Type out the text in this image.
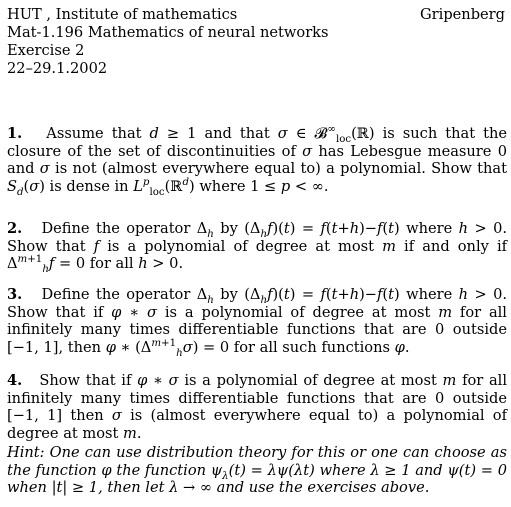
HUT , Institute of mathematics	Gripenberg
Mat-1.196 Mathematics of neural networks
Exercise 2
22–29.1.2002
1.   Assume that d ≥ 1 and that σ ∈ 𝓑∞$_{loc}$(ℝ) is such that the closure of the set of discontinuities of σ has Lebesgue measure 0 and σ is not (almost everywhere equal to) a polynomial. Show that $S_d(\sigma)$ is dense in $L^p_{loc}(ℝ^d)$ where 1 ≤ p < ∞.
2.   Define the operator $\Delta_h$ by $(\Delta_hf)(t) = f(t+h)-f(t)$ where h > 0. Show that f is a polynomial of degree at most m if and only if $\Delta^{m+1}_hf = 0$ for all h > 0.
3.   Define the operator $\Delta_h$ by $(\Delta_hf)(t) = f(t+h)-f(t)$ where h > 0. Show that if φ ∗ σ is a polynomial of degree at most m for all infinitely many times differentiable functions that are 0 outside [−1, 1], then φ ∗ $(\Delta^{m+1}_h\sigma) = 0$ for all such functions φ.
4.   Show that if φ ∗ σ is a polynomial of degree at most m for all infinitely many times differentiable functions that are 0 outside [−1, 1] then σ is (almost everywhere equal to) a polynomial of degree at most m.
Hint: One can use distribution theory for this or one can choose as the function φ the function $\psi_\lambda(t) = \lambda\psi(\lambda t)$ where λ ≥ 1 and ψ(t) = 0 when |t| ≥ 1, then let λ → ∞ and use the exercises above.
